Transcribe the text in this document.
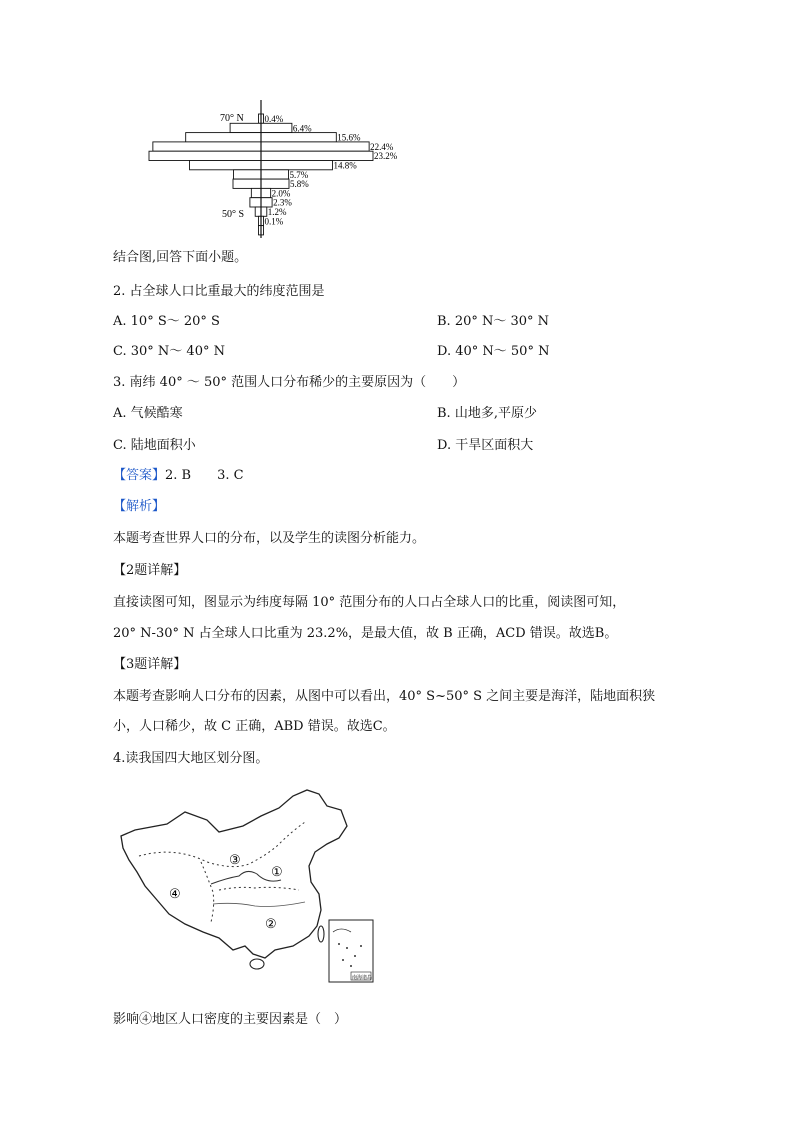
70° N
50° S
0.4%
6.4%
15.6%
22.4%
23.2%
14.8%
5.7%
5.8%
2.0%
2.3%
1.2%
0.1%
结合图,回答下面小题。
2. 占全球人口比重最大的纬度范围是
A. 10° S～ 20° S	B. 20° N～ 30° N
C. 30° N～ 40° N	D. 40° N～ 50° N
3. 南纬 40° ～ 50° 范围人口分布稀少的主要原因为（　　）
A. 气候酷寒	B. 山地多,平原少
C. 陆地面积小	D. 干旱区面积大
【答案】2. B　　3. C
【解析】
本题考查世界人口的分布，以及学生的读图分析能力。
【2题详解】
直接读图可知，图显示为纬度每隔 10° 范围分布的人口占全球人口的比重，阅读图可知，
20° N-30° N 占全球人口比重为 23.2%，是最大值，故 B 正确，ACD 错误。故选B。
【3题详解】
本题考查影响人口分布的因素，从图中可以看出，40° S~50° S 之间主要是海洋，陆地面积狭
小，人口稀少，故 C 正确，ABD 错误。故选C。
4.读我国四大地区划分图。
①
②
③
④
南海诸岛
影响④地区人口密度的主要因素是（　）
